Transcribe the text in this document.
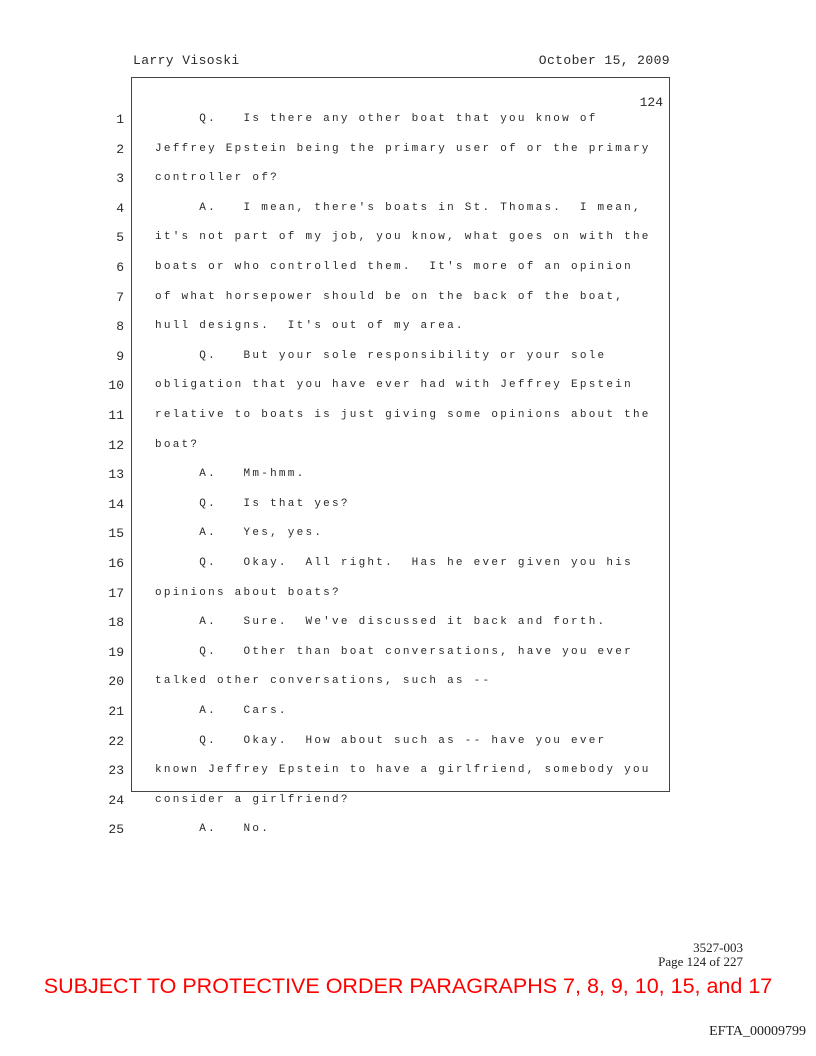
Larry Visoski	October 15, 2009
124
1	Q.   Is there any other boat that you know of
2	Jeffrey Epstein being the primary user of or the primary
3	controller of?
4	A.   I mean, there's boats in St. Thomas.  I mean,
5	it's not part of my job, you know, what goes on with the
6	boats or who controlled them.  It's more of an opinion
7	of what horsepower should be on the back of the boat,
8	hull designs.  It's out of my area.
9	Q.   But your sole responsibility or your sole
10	obligation that you have ever had with Jeffrey Epstein
11	relative to boats is just giving some opinions about the
12	boat?
13	A.   Mm-hmm.
14	Q.   Is that yes?
15	A.   Yes, yes.
16	Q.   Okay.  All right.  Has he ever given you his
17	opinions about boats?
18	A.   Sure.  We've discussed it back and forth.
19	Q.   Other than boat conversations, have you ever
20	talked other conversations, such as --
21	A.   Cars.
22	Q.   Okay.  How about such as -- have you ever
23	known Jeffrey Epstein to have a girlfriend, somebody you
24	consider a girlfriend?
25	A.   No.
3527-003
Page 124 of 227
SUBJECT TO PROTECTIVE ORDER PARAGRAPHS 7, 8, 9, 10, 15, and 17
EFTA_00009799
